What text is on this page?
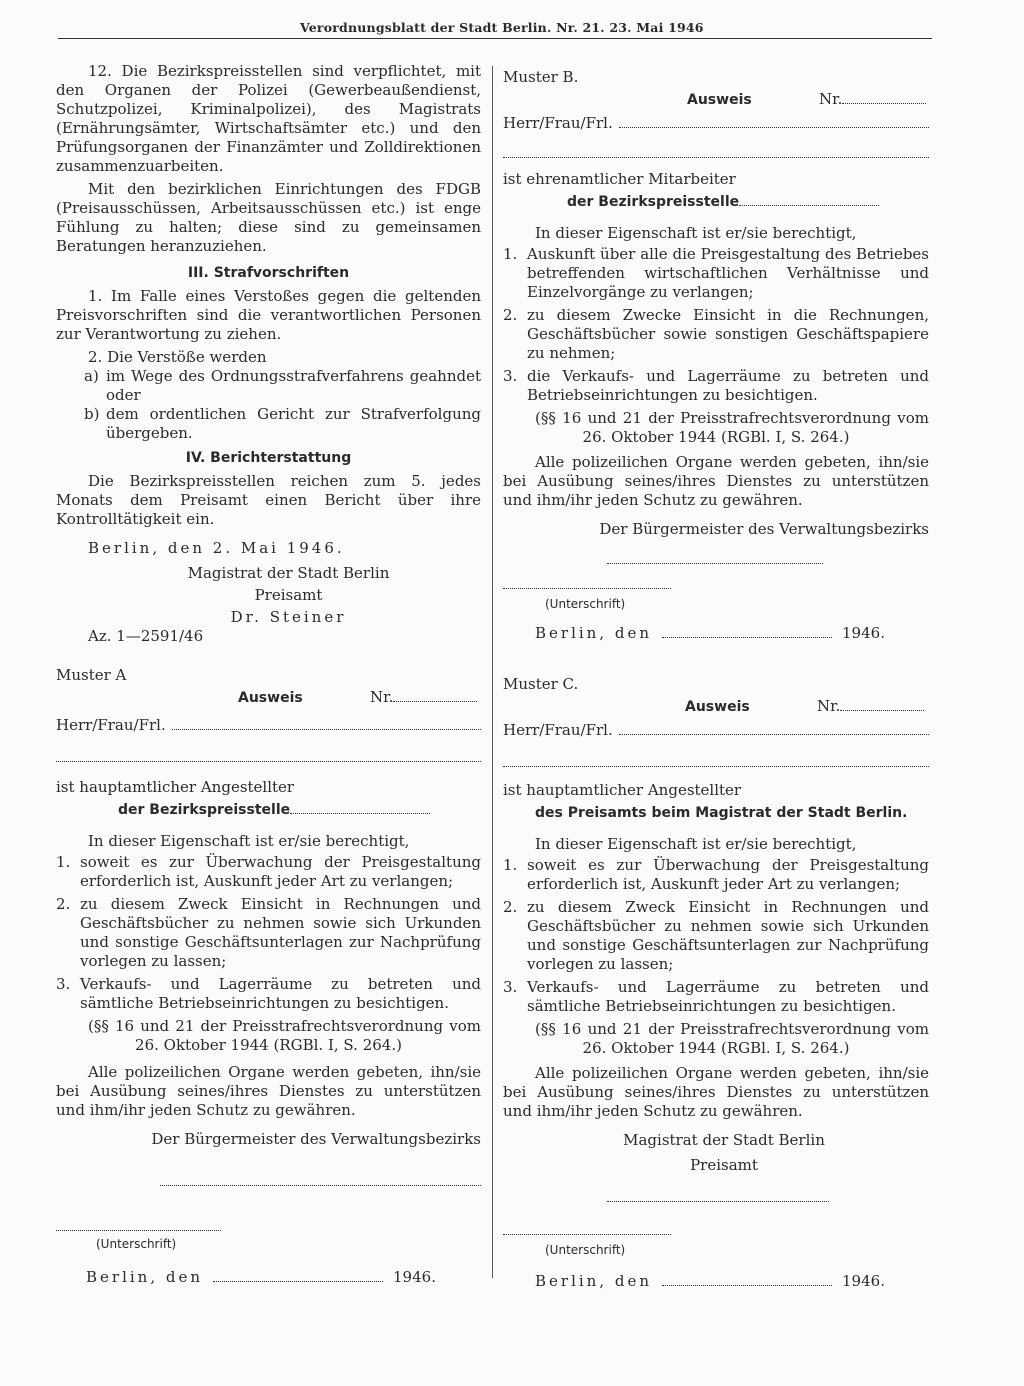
Verordnungsblatt der Stadt Berlin. Nr. 21. 23. Mai 1946

12. Die Bezirkspreisstellen sind verpflichtet, mit den Organen der Polizei (Gewerbeaußendienst, Schutzpolizei, Kriminalpolizei), des Magistrats (Ernährungsämter, Wirtschaftsämter etc.) und den Prüfungsorganen der Finanzämter und Zolldirektionen zusammenzuarbeiten.

Mit den bezirklichen Einrichtungen des FDGB (Preisausschüssen, Arbeitsausschüssen etc.) ist enge Fühlung zu halten; diese sind zu gemeinsamen Beratungen heranzuziehen.

III. Strafvorschriften

1. Im Falle eines Verstoßes gegen die geltenden Preisvorschriften sind die verantwortlichen Personen zur Verantwortung zu ziehen.

2. Die Verstöße werden

a) im Wege des Ordnungsstrafverfahrens geahndet oder
b) dem ordentlichen Gericht zur Strafverfolgung übergeben.

IV. Berichterstattung

Die Bezirkspreisstellen reichen zum 5. jedes Monats dem Preisamt einen Bericht über ihre Kontrolltätigkeit ein.

Berlin, den 2. Mai 1946.

Magistrat der Stadt Berlin

Preisamt

Dr. Steiner

Az. 1—2591/46

Muster A

Ausweis	Nr.
Herr/Frau/Frl.

ist hauptamtlicher Angestellter

der Bezirkspreisstelle

In dieser Eigenschaft ist er/sie berechtigt,

1. soweit es zur Überwachung der Preisgestaltung erforderlich ist, Auskunft jeder Art zu verlangen;
2. zu diesem Zweck Einsicht in Rechnungen und Geschäftsbücher zu nehmen sowie sich Urkunden und sonstige Geschäftsunterlagen zur Nachprüfung vorlegen zu lassen;
3. Verkaufs- und Lagerräume zu betreten und sämtliche Betriebseinrichtungen zu besichtigen.

(§§ 16 und 21 der Preisstrafrechtsverordnung vom 26. Oktober 1944 (RGBl. I, S. 264.)

Alle polizeilichen Organe werden gebeten, ihn/sie bei Ausübung seines/ihres Dienstes zu unterstützen und ihm/ihr jeden Schutz zu gewähren.

Der Bürgermeister des Verwaltungsbezirks

(Unterschrift)

Berlin, den	1946.

Muster B.

Ausweis	Nr.
Herr/Frau/Frl.

ist ehrenamtlicher Mitarbeiter

der Bezirkspreisstelle

In dieser Eigenschaft ist er/sie berechtigt,

1. Auskunft über alle die Preisgestaltung des Betriebes betreffenden wirtschaftlichen Verhältnisse und Einzelvorgänge zu verlangen;
2. zu diesem Zwecke Einsicht in die Rechnungen, Geschäftsbücher sowie sonstigen Geschäftspapiere zu nehmen;
3. die Verkaufs- und Lagerräume zu betreten und Betriebseinrichtungen zu besichtigen.

(§§ 16 und 21 der Preisstrafrechtsverordnung vom 26. Oktober 1944 (RGBl. I, S. 264.)

Alle polizeilichen Organe werden gebeten, ihn/sie bei Ausübung seines/ihres Dienstes zu unterstützen und ihm/ihr jeden Schutz zu gewähren.

Der Bürgermeister des Verwaltungsbezirks

(Unterschrift)

Berlin, den	1946.

Muster C.

Ausweis	Nr.
Herr/Frau/Frl.

ist hauptamtlicher Angestellter

des Preisamts beim Magistrat der Stadt Berlin.

In dieser Eigenschaft ist er/sie berechtigt,

1. soweit es zur Überwachung der Preisgestaltung erforderlich ist, Auskunft jeder Art zu verlangen;
2. zu diesem Zweck Einsicht in Rechnungen und Geschäftsbücher zu nehmen sowie sich Urkunden und sonstige Geschäftsunterlagen zur Nachprüfung vorlegen zu lassen;
3. Verkaufs- und Lagerräume zu betreten und sämtliche Betriebseinrichtungen zu besichtigen.

(§§ 16 und 21 der Preisstrafrechtsverordnung vom 26. Oktober 1944 (RGBl. I, S. 264.)

Alle polizeilichen Organe werden gebeten, ihn/sie bei Ausübung seines/ihres Dienstes zu unterstützen und ihm/ihr jeden Schutz zu gewähren.

Magistrat der Stadt Berlin

Preisamt

(Unterschrift)

Berlin, den	1946.
